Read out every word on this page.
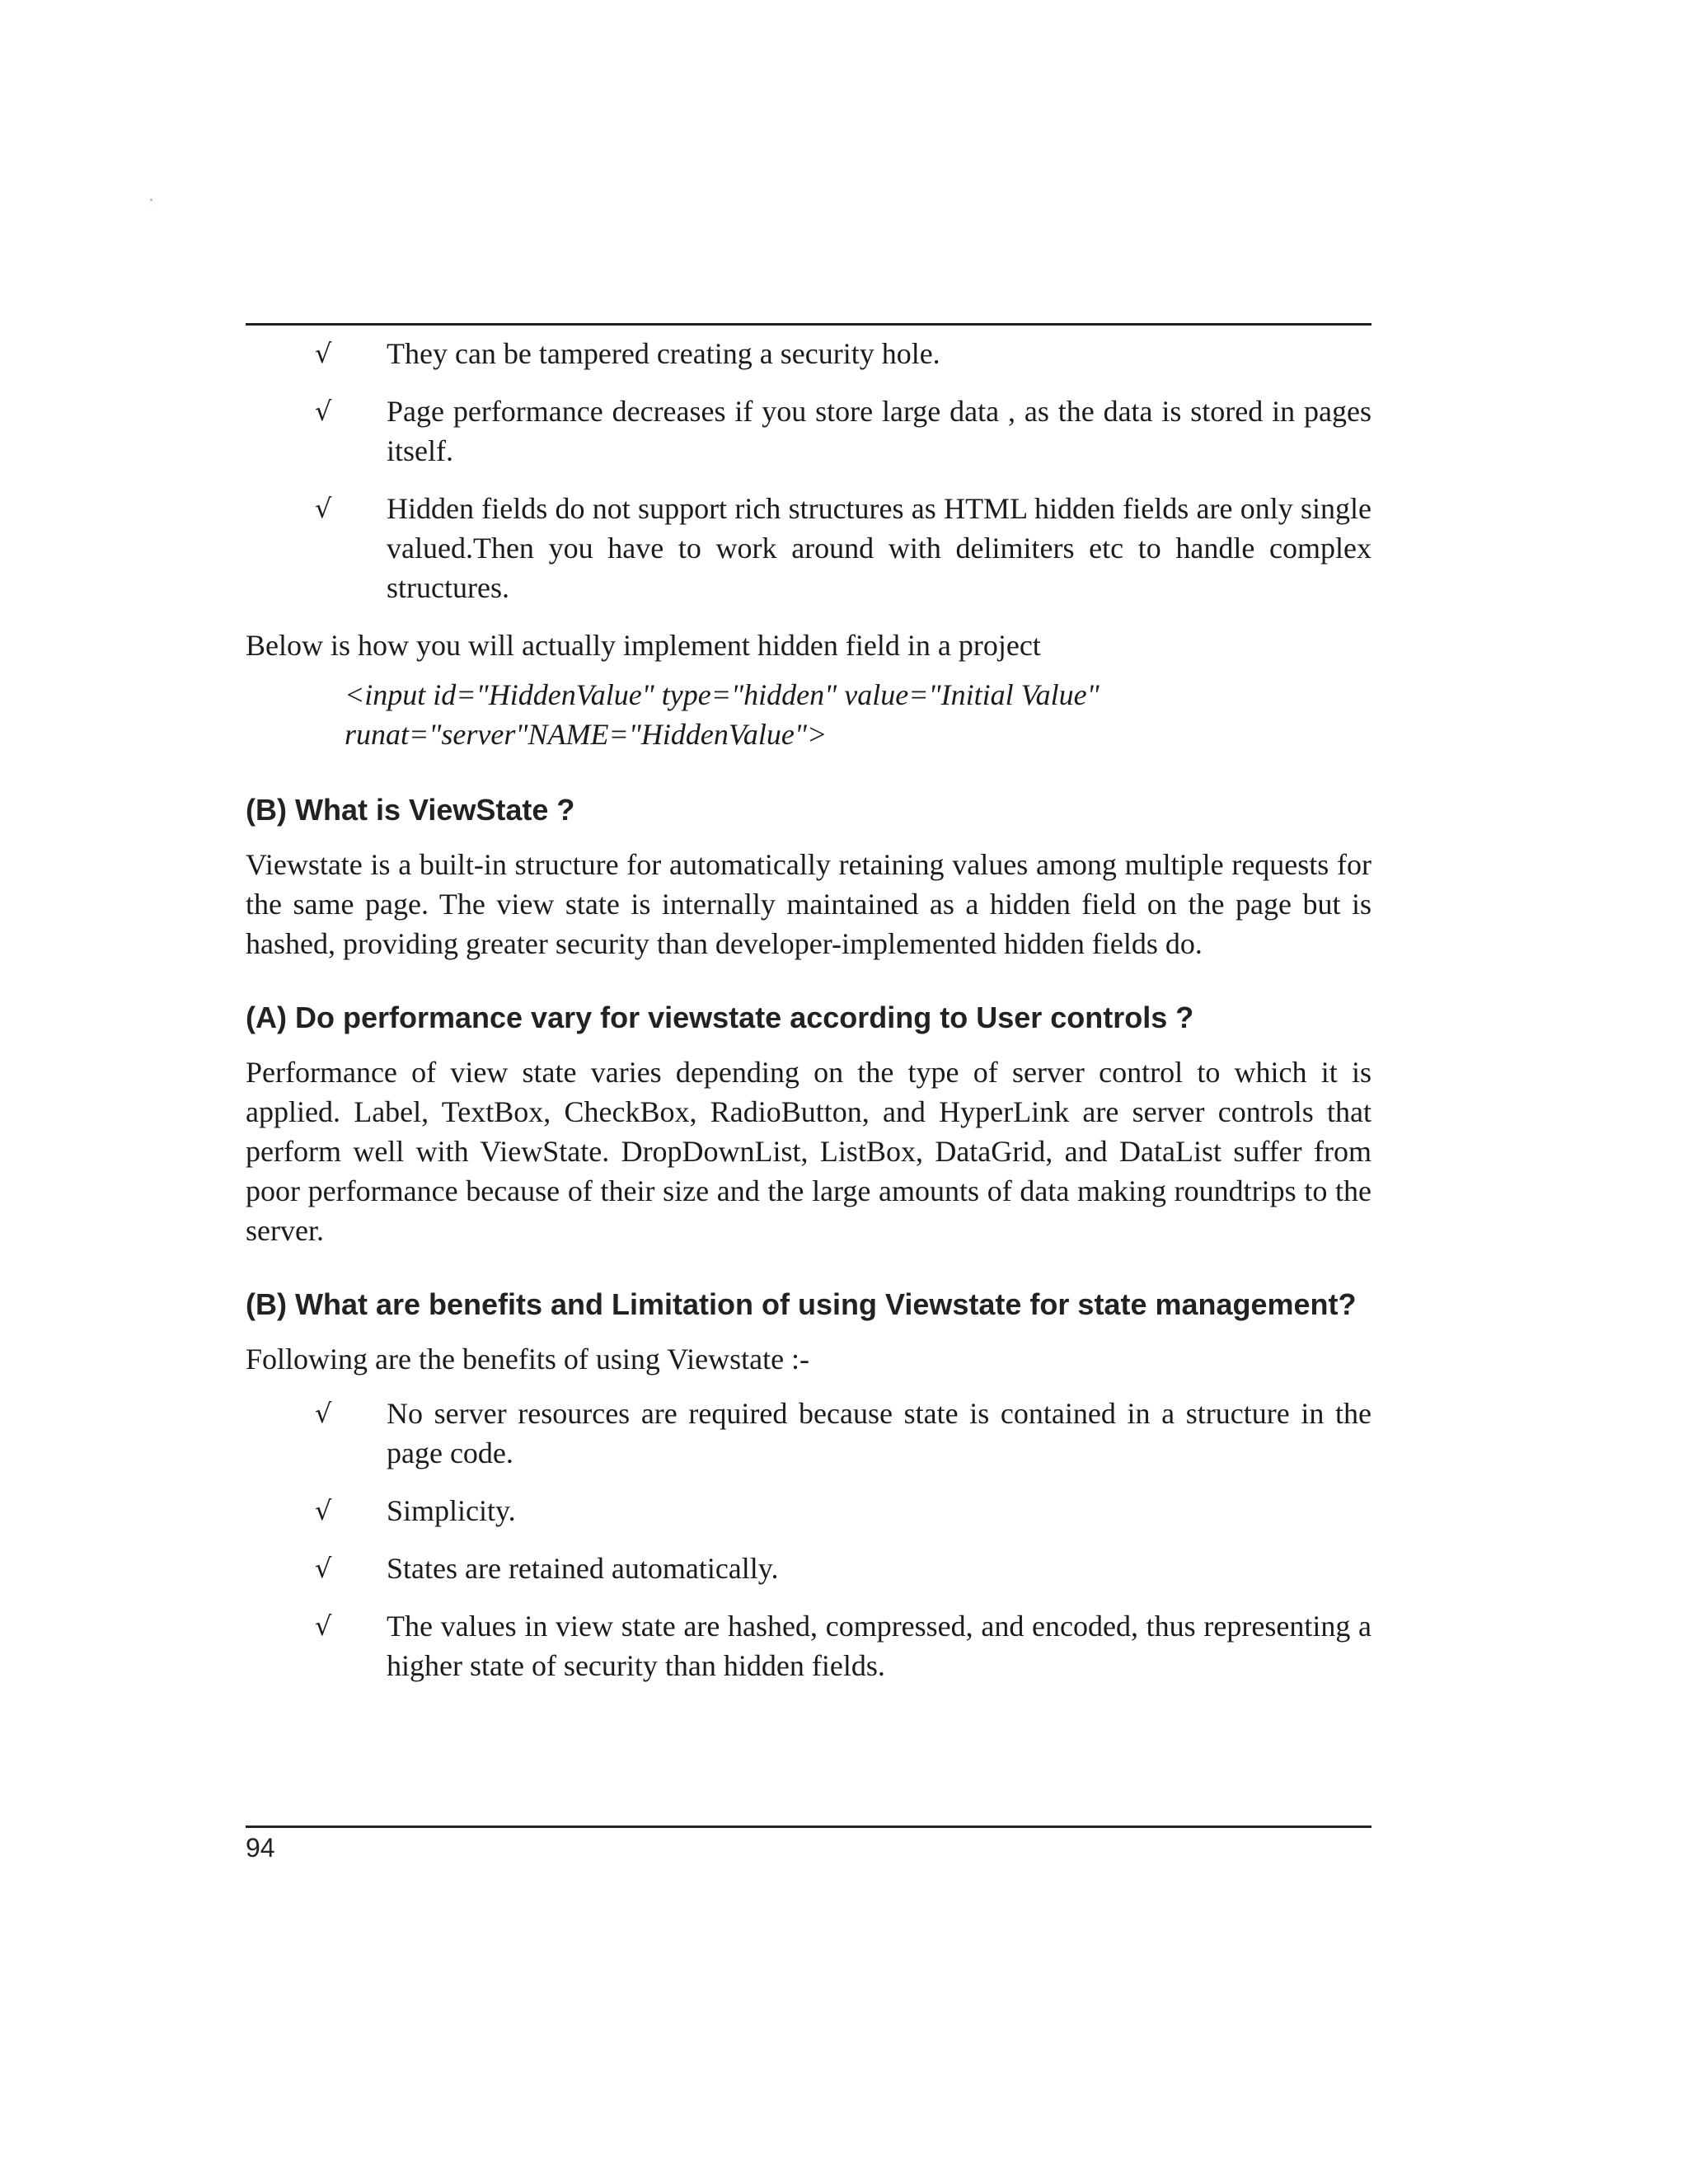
√ They can be tampered creating a security hole.
√ Page performance decreases if you store large data , as the data is stored in pages itself.
√ Hidden fields do not support rich structures as HTML hidden fields are only single valued.Then you have to work around with delimiters etc to handle complex structures.

Below is how you will actually implement hidden field in a project

<input id="HiddenValue" type="hidden" value="Initial Value"
runat="server"NAME="HiddenValue">
(B) What is ViewState ?

Viewstate is a built-in structure for automatically retaining values among multiple requests for the same page. The view state is internally maintained as a hidden field on the page but is hashed, providing greater security than developer-implemented hidden fields do.

(A) Do performance vary for viewstate according to User controls ?

Performance of view state varies depending on the type of server control to which it is applied. Label, TextBox, CheckBox, RadioButton, and HyperLink are server controls that perform well with ViewState. DropDownList, ListBox, DataGrid, and DataList suffer from poor performance because of their size and the large amounts of data making roundtrips to the server.

(B) What are benefits and Limitation of using Viewstate for state management?

Following are the benefits of using Viewstate :-

√ No server resources are required because state is contained in a structure in the page code.
√ Simplicity.
√ States are retained automatically.
√ The values in view state are hashed, compressed, and encoded, thus representing a higher state of security than hidden fields.
94
